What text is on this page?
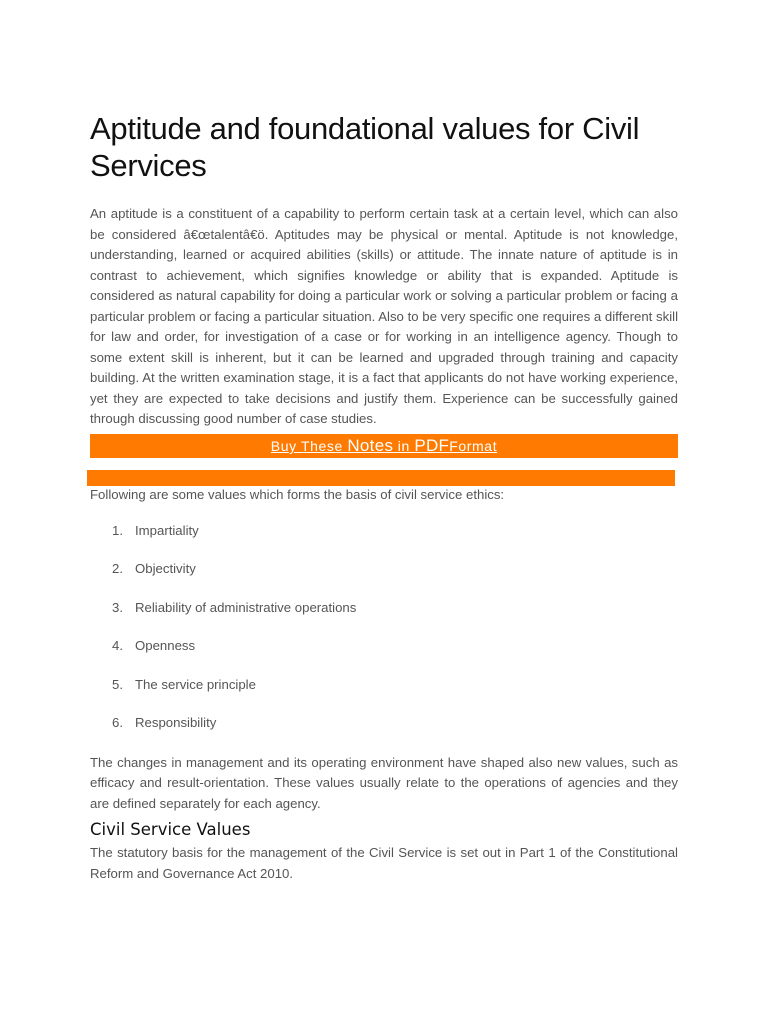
Aptitude and foundational values for Civil Services

An aptitude is a constituent of a capability to perform certain task at a certain level, which can also be considered â€œtalentâ€ö. Aptitudes may be physical or mental. Aptitude is not knowledge, understanding, learned or acquired abilities (skills) or attitude. The innate nature of aptitude is in contrast to achievement, which signifies knowledge or ability that is expanded. Aptitude is considered as natural capability for doing a particular work or solving a particular problem or facing a particular problem or facing a particular situation. Also to be very specific one requires a different skill for law and order, for investigation of a case or for working in an intelligence agency. Though to some extent skill is inherent, but it can be learned and upgraded through training and capacity building. At the written examination stage, it is a fact that applicants do not have working experience, yet they are expected to take decisions and justify them. Experience can be successfully gained through discussing good number of case studies.

Buy These Notes in PDFFormat

Following are some values which forms the basis of civil service ethics:

1. Impartiality
2. Objectivity
3. Reliability of administrative operations
4. Openness
5. The service principle
6. Responsibility

The changes in management and its operating environment have shaped also new values, such as efficacy and result-orientation. These values usually relate to the operations of agencies and they are defined separately for each agency.

Civil Service Values

The statutory basis for the management of the Civil Service is set out in Part 1 of the Constitutional Reform and Governance Act 2010.
